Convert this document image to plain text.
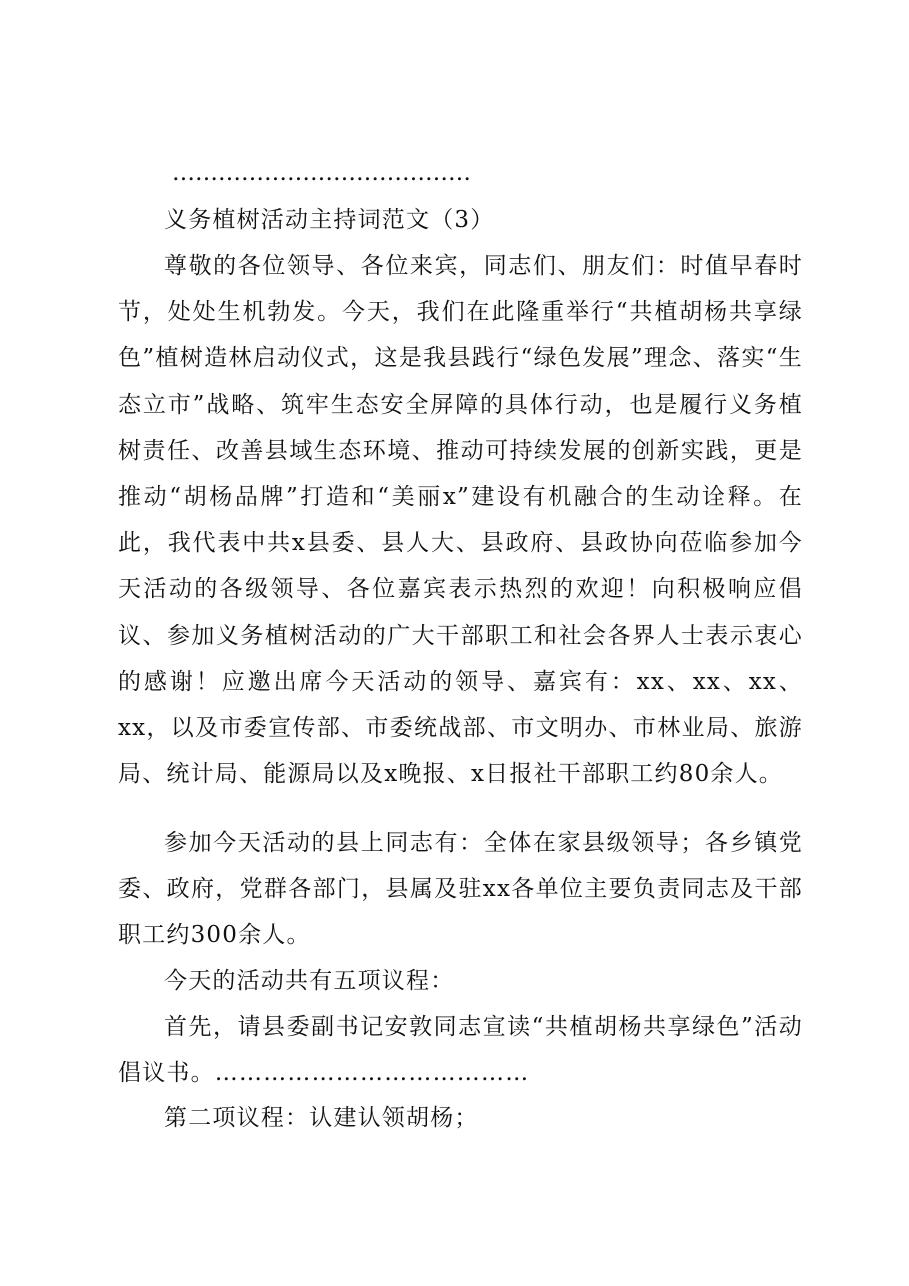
…………………………………

义务植树活动主持词范文（3）

尊敬的各位领导、各位来宾，同志们、朋友们：时值早春时节，处处生机勃发。今天，我们在此隆重举行“共植胡杨共享绿色”植树造林启动仪式，这是我县践行“绿色发展”理念、落实“生态立市”战略、筑牢生态安全屏障的具体行动，也是履行义务植树责任、改善县域生态环境、推动可持续发展的创新实践，更是推动“胡杨品牌”打造和“美丽x”建设有机融合的生动诠释。在此，我代表中共x县委、县人大、县政府、县政协向莅临参加今天活动的各级领导、各位嘉宾表示热烈的欢迎！向积极响应倡议、参加义务植树活动的广大干部职工和社会各界人士表示衷心的感谢！应邀出席今天活动的领导、嘉宾有：xx、xx、xx、xx，以及市委宣传部、市委统战部、市文明办、市林业局、旅游局、统计局、能源局以及x晚报、x日报社干部职工约80余人。

参加今天活动的县上同志有：全体在家县级领导；各乡镇党委、政府，党群各部门，县属及驻xx各单位主要负责同志及干部职工约300余人。

今天的活动共有五项议程：

首先，请县委副书记安敦同志宣读“共植胡杨共享绿色”活动倡议书。…………………………………

第二项议程：认建认领胡杨；
